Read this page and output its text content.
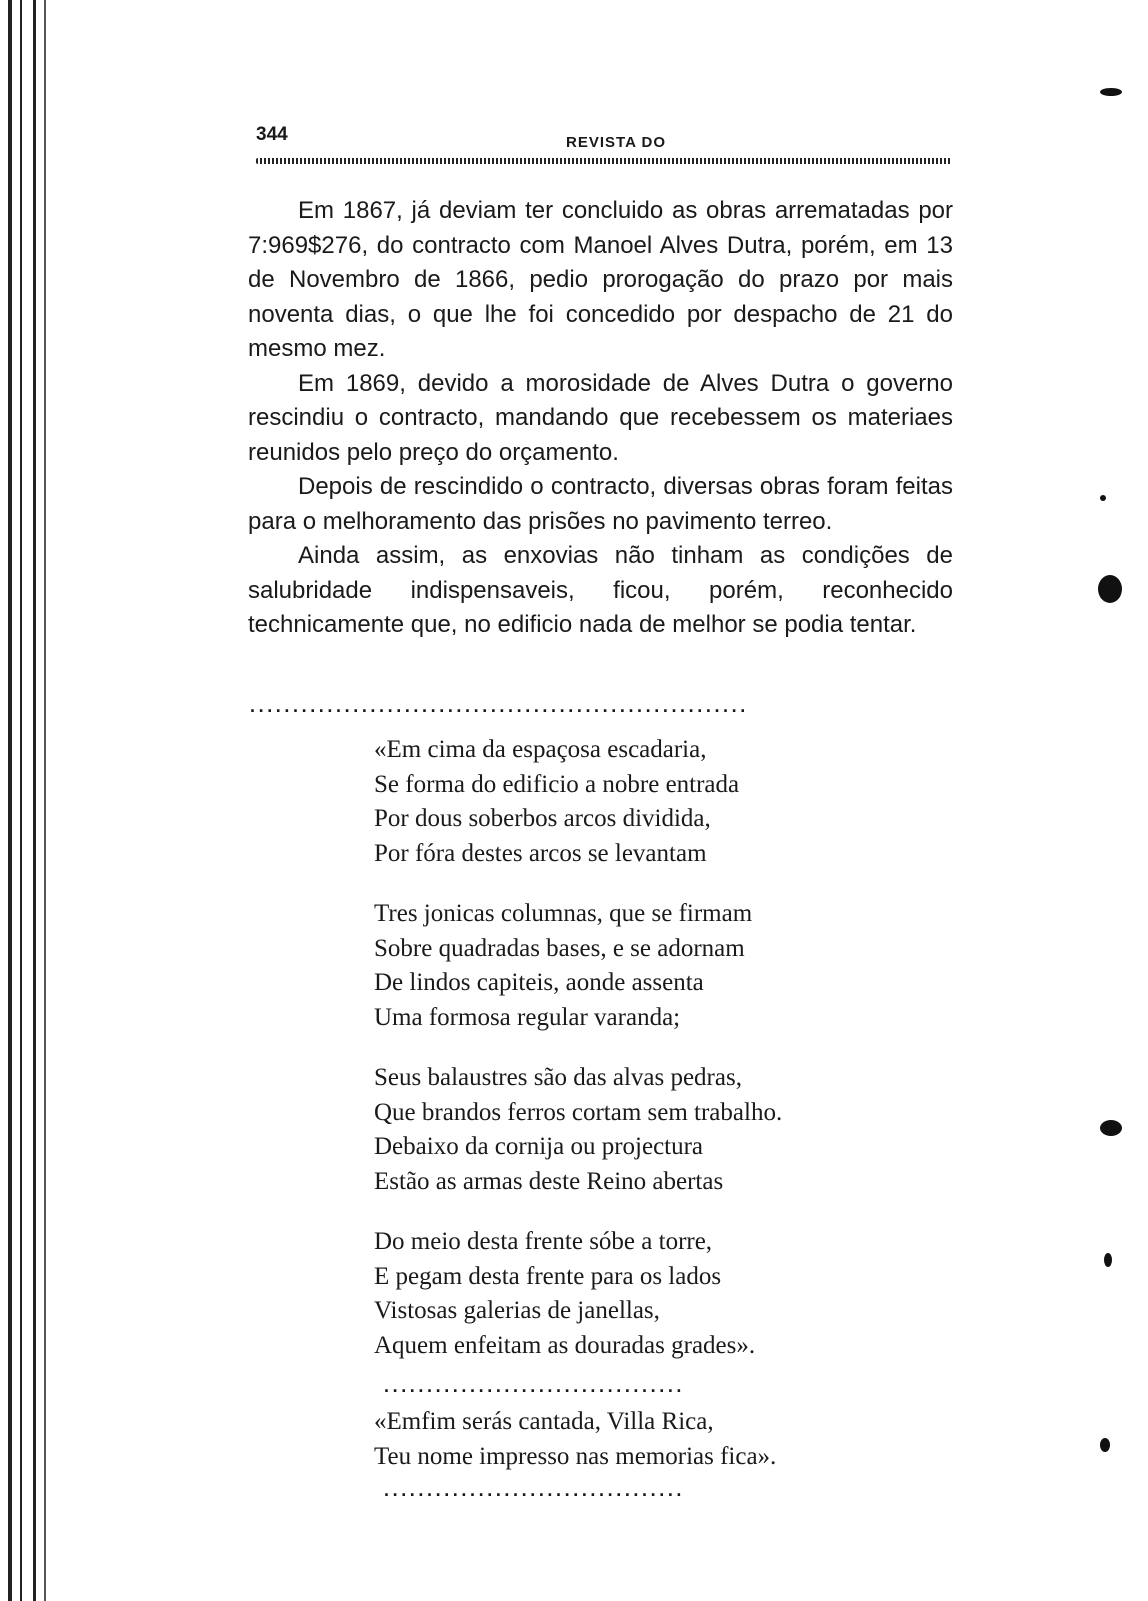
344	REVISTA DO

Em 1867, já deviam ter concluido as obras arrematadas por 7:969$276, do contracto com Manoel Alves Dutra, porém, em 13 de Novembro de 1866, pedio prorogação do prazo por mais noventa dias, o que lhe foi concedido por despacho de 21 do mesmo mez.

Em 1869, devido a morosidade de Alves Dutra o governo rescindiu o contracto, mandando que recebessem os materiaes reunidos pelo preço do orçamento.

Depois de rescindido o contracto, diversas obras foram feitas para o melhoramento das prisões no pavimento terreo.

Ainda assim, as enxovias não tinham as condições de salubridade indispensaveis, ficou, porém, reconhecido technicamente que, no edificio nada de melhor se podia tentar.

..........................................................
«Em cima da espaçosa escadaria,
Se forma do edificio a nobre entrada
Por dous soberbos arcos dividida,
Por fóra destes arcos se levantam
Tres jonicas columnas, que se firmam
Sobre quadradas bases, e se adornam
De lindos capiteis, aonde assenta
Uma formosa regular varanda;
Seus balaustres são das alvas pedras,
Que brandos ferros cortam sem trabalho.
Debaixo da cornija ou projectura
Estão as armas deste Reino abertas
Do meio desta frente sóbe a torre,
E pegam desta frente para os lados
Vistosas galerias de janellas,
Aquem enfeitam as douradas grades».
...................................
«Emfim serás cantada, Villa Rica,
Teu nome impresso nas memorias fica».
...................................
